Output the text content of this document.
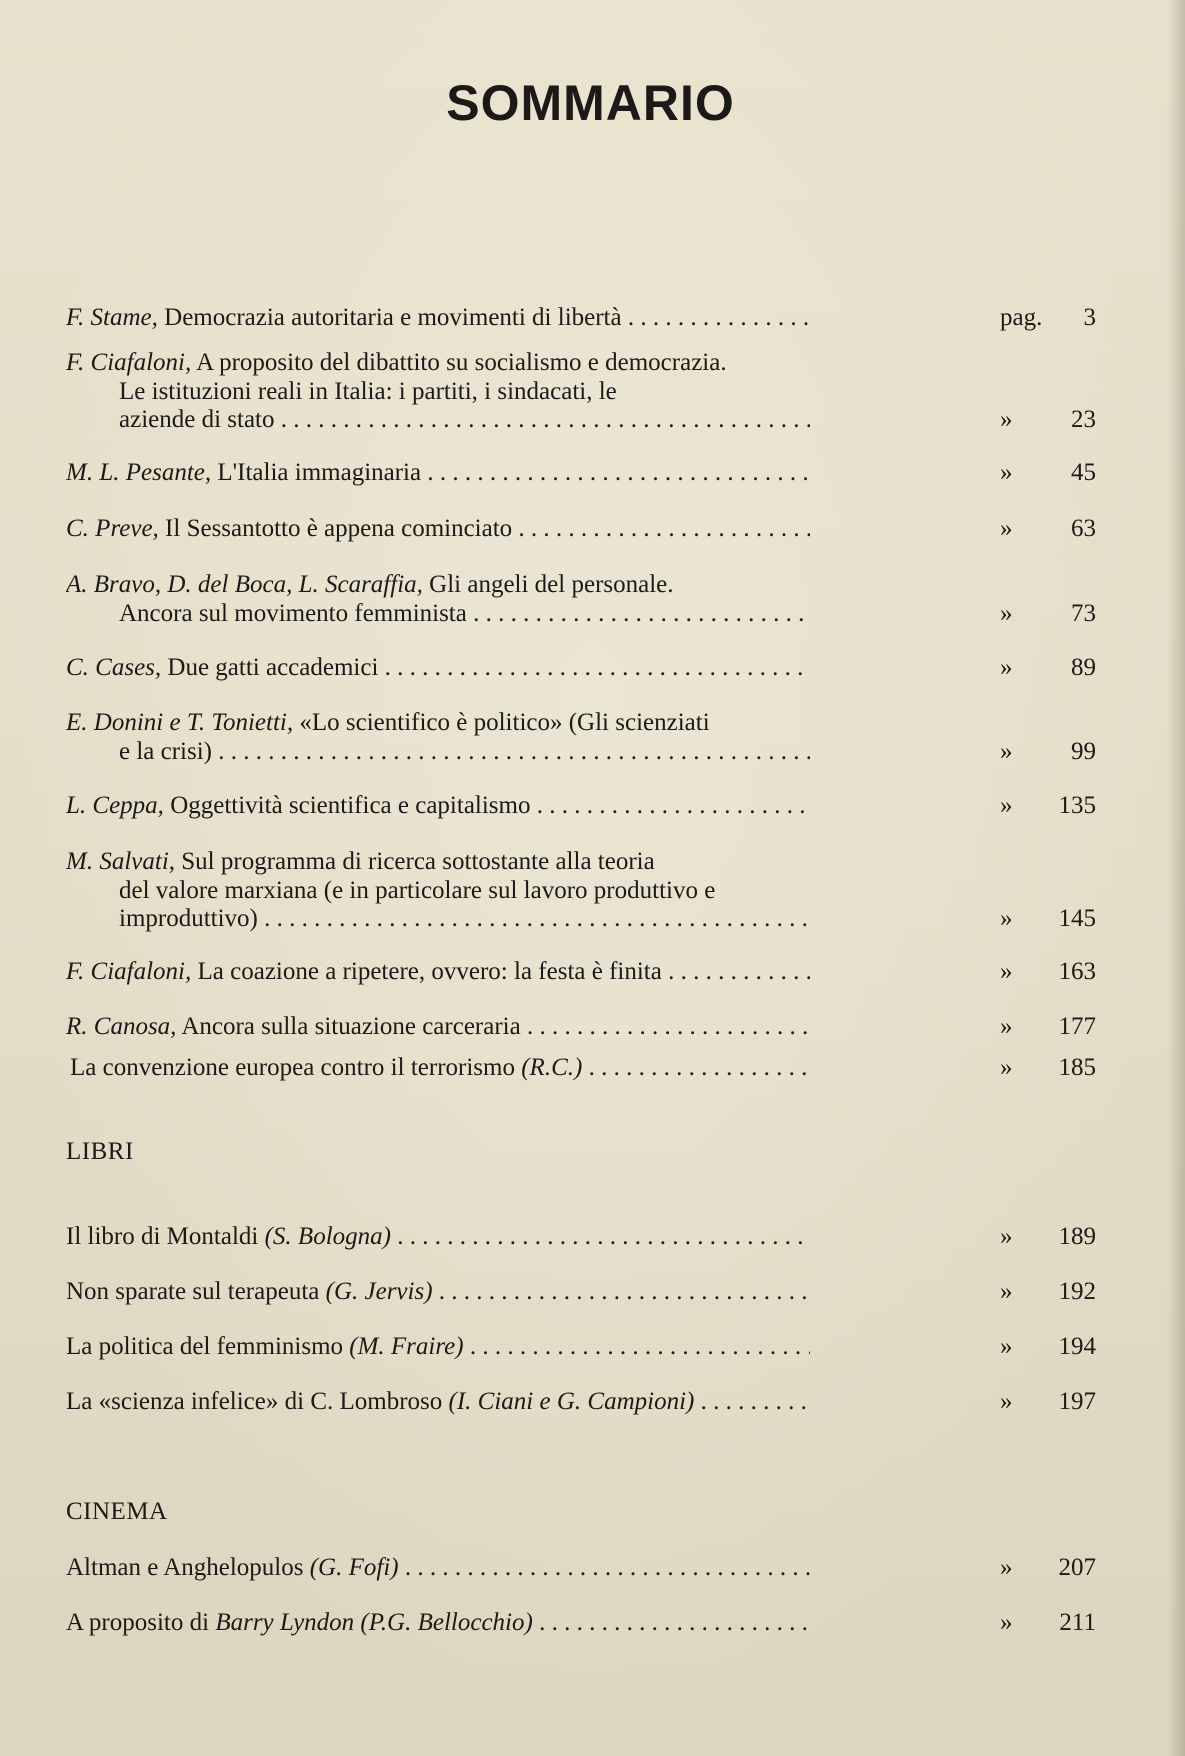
SOMMARIO
F. Stame, Democrazia autoritaria e movimenti di libertà . . .	pag. 3
F. Ciafaloni, A proposito del dibattito su socialismo e democrazia.
Le istituzioni reali in Italia: i partiti, i sindacati, le
aziende di stato . . .	» 23
M. L. Pesante, L'Italia immaginaria . . .	» 45
C. Preve, Il Sessantotto è appena cominciato . . .	» 63
A. Bravo, D. del Boca, L. Scaraffia, Gli angeli del personale.
Ancora sul movimento femminista . . .	» 73
C. Cases, Due gatti accademici . . .	» 89
E. Donini e T. Tonietti, «Lo scientifico è politico» (Gli scienziati
e la crisi) . . .	» 99
L. Ceppa, Oggettività scientifica e capitalismo . . .	» 135
M. Salvati, Sul programma di ricerca sottostante alla teoria
del valore marxiana (e in particolare sul lavoro produttivo e
improduttivo) . . .	» 145
F. Ciafaloni, La coazione a ripetere, ovvero: la festa è finita . . .	» 163
R. Canosa, Ancora sulla situazione carceraria . . .	» 177
La convenzione europea contro il terrorismo (R.C.) . . .	» 185
LIBRI
Il libro di Montaldi (S. Bologna) . . .	» 189
Non sparate sul terapeuta (G. Jervis) . . .	» 192
La politica del femminismo (M. Fraire) . . .	» 194
La «scienza infelice» di C. Lombroso (I. Ciani e G. Campioni) . . .	» 197
CINEMA
Altman e Anghelopulos (G. Fofi) . . .	» 207
A proposito di Barry Lyndon (P.G. Bellocchio) . . .	» 211
